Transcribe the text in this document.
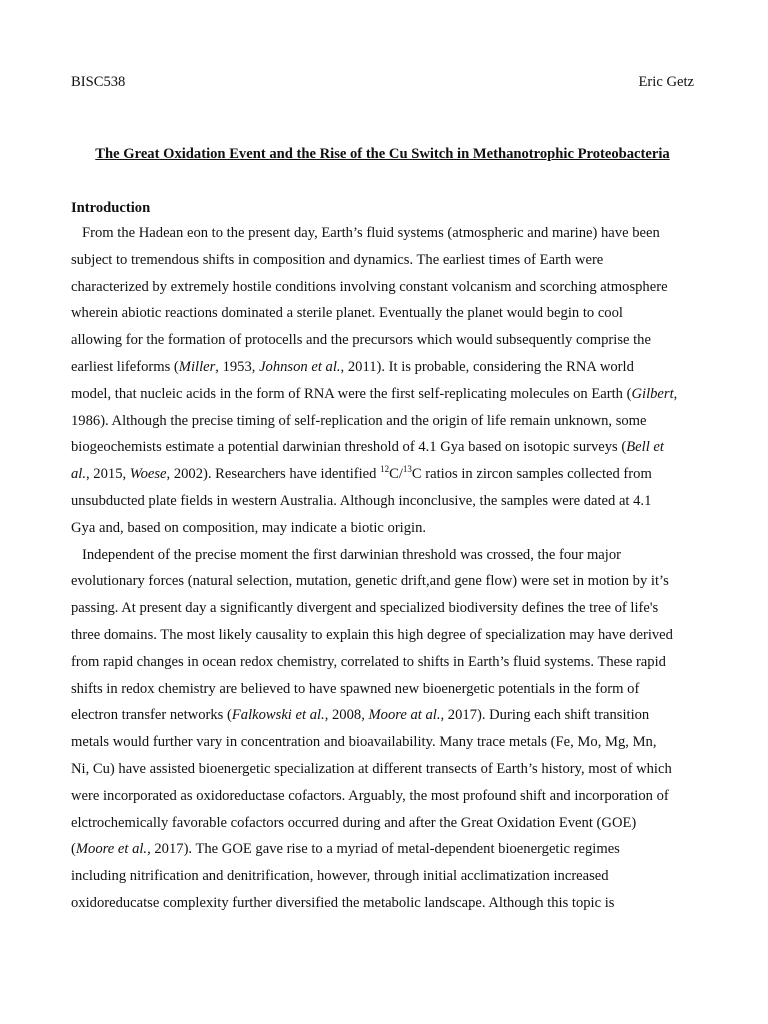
BISC538	Eric Getz
The Great Oxidation Event and the Rise of the Cu Switch in Methanotrophic Proteobacteria
Introduction
From the Hadean eon to the present day, Earth’s fluid systems (atmospheric and marine) have been
subject to tremendous shifts in composition and dynamics. The earliest times of Earth were
characterized by extremely hostile conditions involving constant volcanism and scorching atmosphere
wherein abiotic reactions dominated a sterile planet. Eventually the planet would begin to cool
allowing for the formation of protocells and the precursors which would subsequently comprise the
earliest lifeforms (Miller, 1953, Johnson et al., 2011). It is probable, considering the RNA world
model, that nucleic acids in the form of RNA were the first self-replicating molecules on Earth (Gilbert,
1986). Although the precise timing of self-replication and the origin of life remain unknown, some
biogeochemists estimate a potential darwinian threshold of 4.1 Gya based on isotopic surveys (Bell et
al., 2015, Woese, 2002). Researchers have identified $^{12}$C/$^{13}$C ratios in zircon samples collected from
unsubducted plate fields in western Australia. Although inconclusive, the samples were dated at 4.1
Gya and, based on composition, may indicate a biotic origin.
Independent of the precise moment the first darwinian threshold was crossed, the four major
evolutionary forces (natural selection, mutation, genetic drift,and gene flow) were set in motion by it’s
passing. At present day a significantly divergent and specialized biodiversity defines the tree of life's
three domains. The most likely causality to explain this high degree of specialization may have derived
from rapid changes in ocean redox chemistry, correlated to shifts in Earth’s fluid systems. These rapid
shifts in redox chemistry are believed to have spawned new bioenergetic potentials in the form of
electron transfer networks (Falkowski et al., 2008, Moore at al., 2017). During each shift transition
metals would further vary in concentration and bioavailability. Many trace metals (Fe, Mo, Mg, Mn,
Ni, Cu) have assisted bioenergetic specialization at different transects of Earth’s history, most of which
were incorporated as oxidoreductase cofactors. Arguably, the most profound shift and incorporation of
elctrochemically favorable cofactors occurred during and after the Great Oxidation Event (GOE)
(Moore et al., 2017). The GOE gave rise to a myriad of metal-dependent bioenergetic regimes
including nitrification and denitrification, however, through initial acclimatization increased
oxidoreducatse complexity further diversified the metabolic landscape. Although this topic is
